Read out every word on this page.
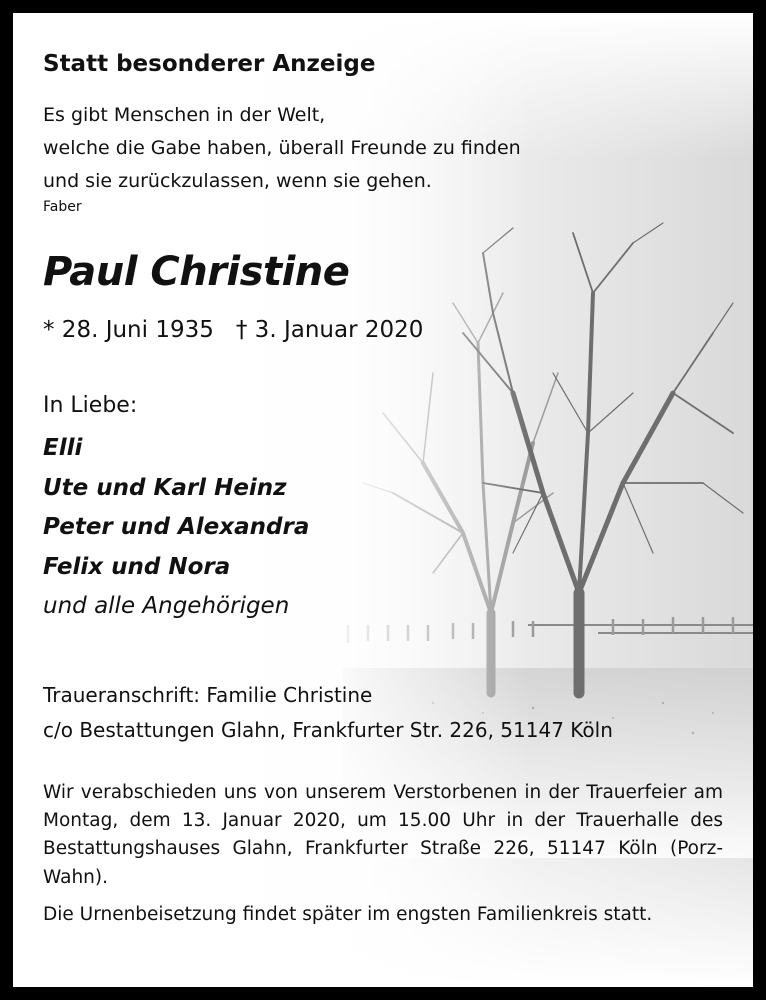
Statt besonderer Anzeige
Es gibt Menschen in der Welt,
welche die Gabe haben, überall Freunde zu finden
und sie zurückzulassen, wenn sie gehen.
Faber
Paul Christine
* 28. Juni 1935 † 3. Januar 2020
In Liebe:
Elli
Ute und Karl Heinz
Peter und Alexandra
Felix und Nora
und alle Angehörigen
Traueranschrift: Familie Christine
c/o Bestattungen Glahn, Frankfurter Str. 226, 51147 Köln
Wir verabschieden uns von unserem Verstorbenen in der Trauerfeier am Montag, dem 13. Januar 2020, um 15.00 Uhr in der Trauerhalle des Bestattungshauses Glahn, Frankfurter Straße 226, 51147 Köln (Porz-Wahn).
Die Urnenbeisetzung findet später im engsten Familienkreis statt.
